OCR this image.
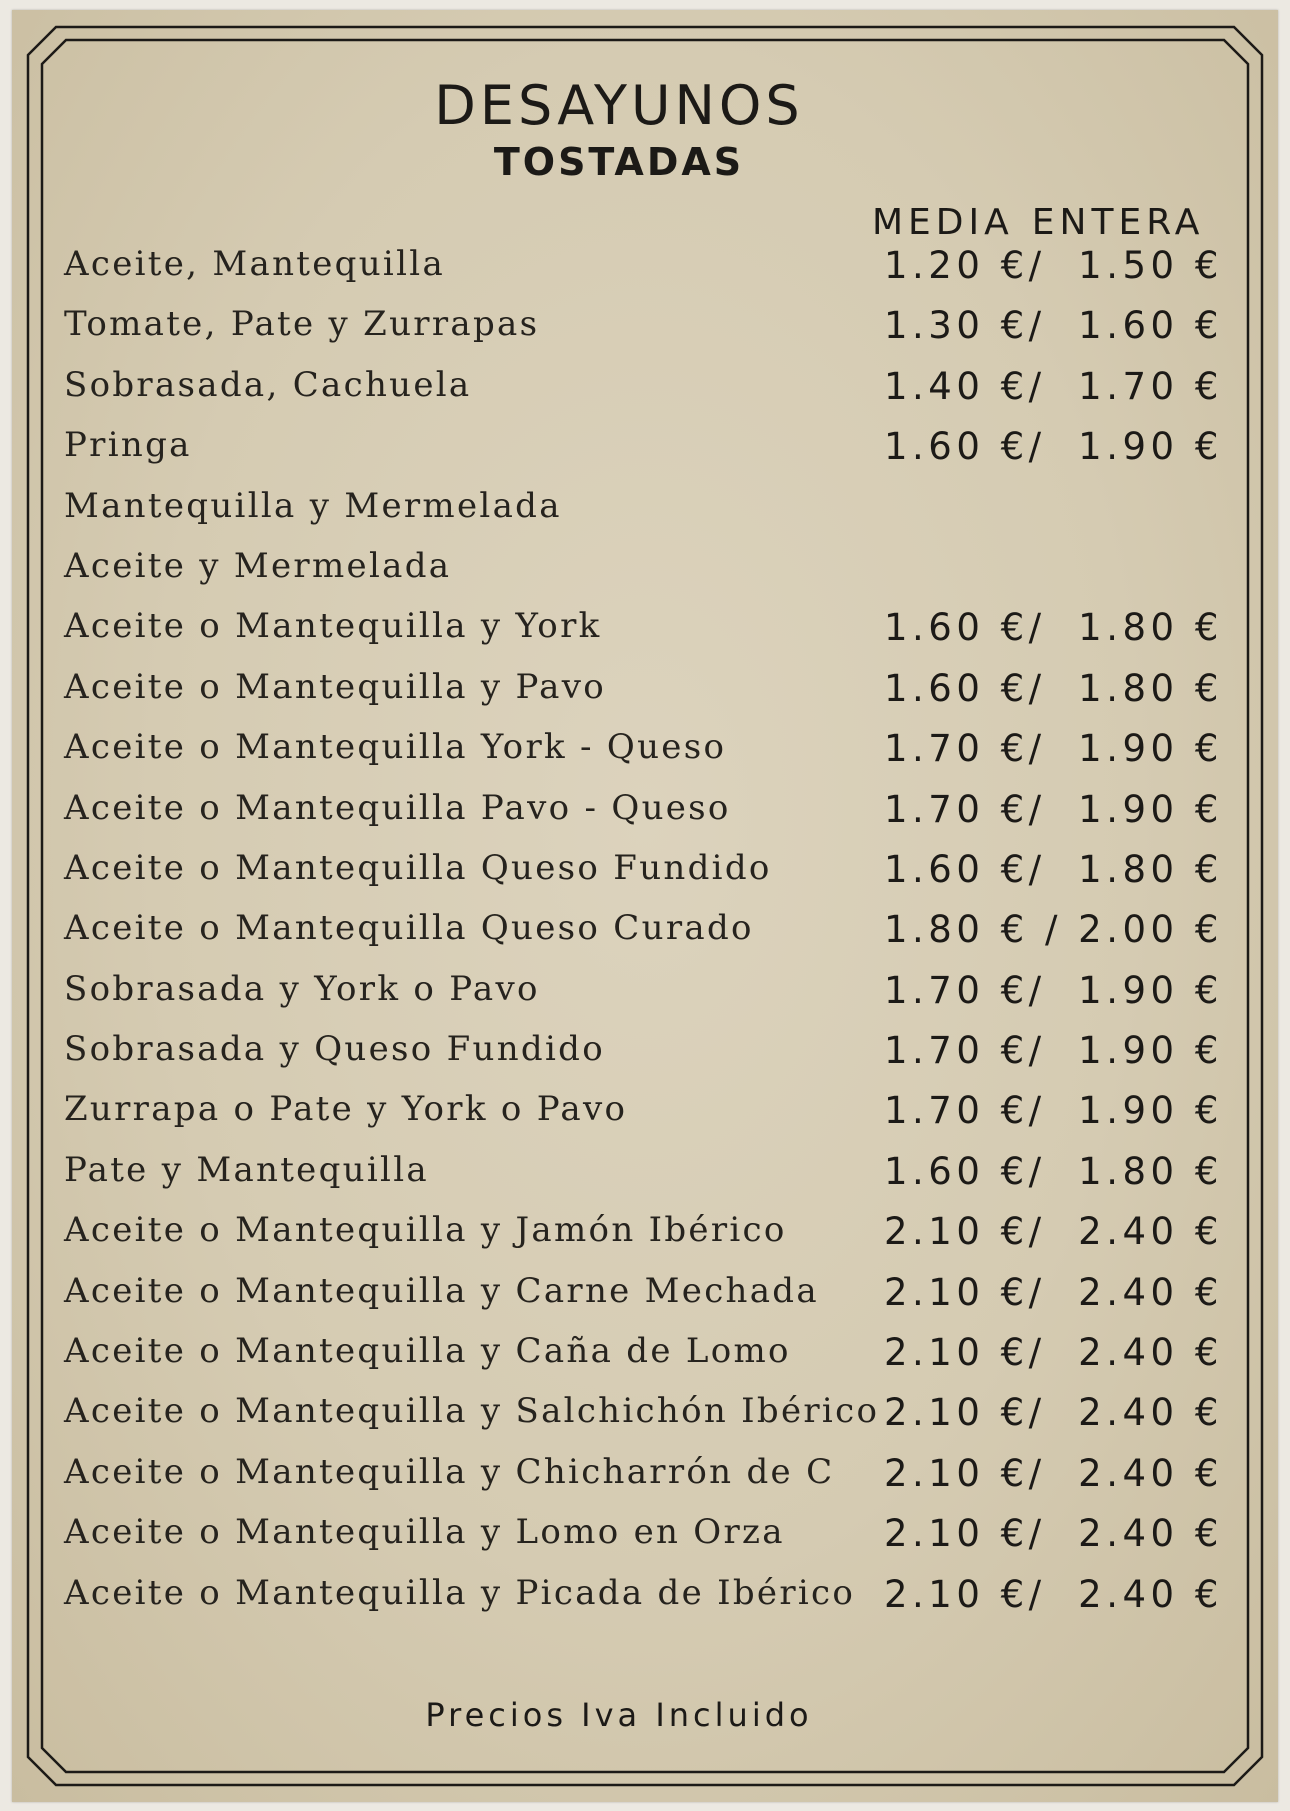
DESAYUNOS
TOSTADAS
MEDIA ENTERA
Aceite, Mantequilla	1.20 €/  1.50 €
Tomate, Pate y Zurrapas	1.30 €/  1.60 €
Sobrasada, Cachuela	1.40 €/  1.70 €
Pringa	1.60 €/  1.90 €
Mantequilla y Mermelada
Aceite y Mermelada
Aceite o Mantequilla y York	1.60 €/  1.80 €
Aceite o Mantequilla y Pavo	1.60 €/  1.80 €
Aceite o Mantequilla York - Queso	1.70 €/  1.90 €
Aceite o Mantequilla Pavo - Queso	1.70 €/  1.90 €
Aceite o Mantequilla Queso Fundido	1.60 €/  1.80 €
Aceite o Mantequilla Queso Curado	1.80 € / 2.00 €
Sobrasada y York o Pavo	1.70 €/  1.90 €
Sobrasada y Queso Fundido	1.70 €/  1.90 €
Zurrapa o Pate y York o Pavo	1.70 €/  1.90 €
Pate y Mantequilla	1.60 €/  1.80 €
Aceite o Mantequilla y Jamón Ibérico	2.10 €/  2.40 €
Aceite o Mantequilla y Carne Mechada 2.10 €/  2.40 €
Aceite o Mantequilla y Caña de Lomo	2.10 €/  2.40 €
Aceite o Mantequilla y Salchichón Ibérico 2.10 €/  2.40 €
Aceite o Mantequilla y Chicharrón de C 2.10 €/  2.40 €
Aceite o Mantequilla y Lomo en Orza	2.10 €/  2.40 €
Aceite o Mantequilla y Picada de Ibérico 2.10 €/  2.40 €
Precios Iva Incluido
